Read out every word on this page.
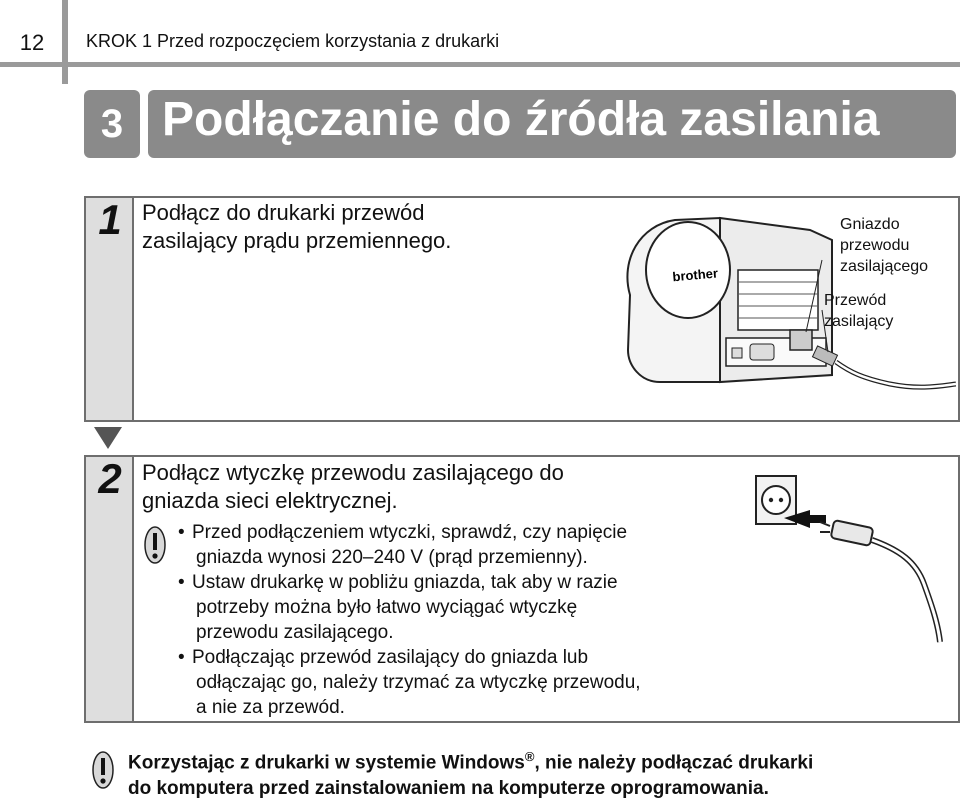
12	KROK 1 Przed rozpoczęciem korzystania z drukarki
3 Podłączanie do źródła zasilania
1 Podłącz do drukarki przewód
zasilający prądu przemiennego.
brother
Gniazdo
przewodu
zasilającego
Przewód
zasilający
2 Podłącz wtyczkę przewodu zasilającego do
gniazda sieci elektrycznej.
• Przed podłączeniem wtyczki, sprawdź, czy napięcie
gniazda wynosi 220–240 V (prąd przemienny).
• Ustaw drukarkę w pobliżu gniazda, tak aby w razie
potrzeby można było łatwo wyciągać wtyczkę
przewodu zasilającego.
• Podłączając przewód zasilający do gniazda lub
odłączając go, należy trzymać za wtyczkę przewodu,
a nie za przewód.
Korzystając z drukarki w systemie Windows®, nie należy podłączać drukarki
do komputera przed zainstalowaniem na komputerze oprogramowania.
